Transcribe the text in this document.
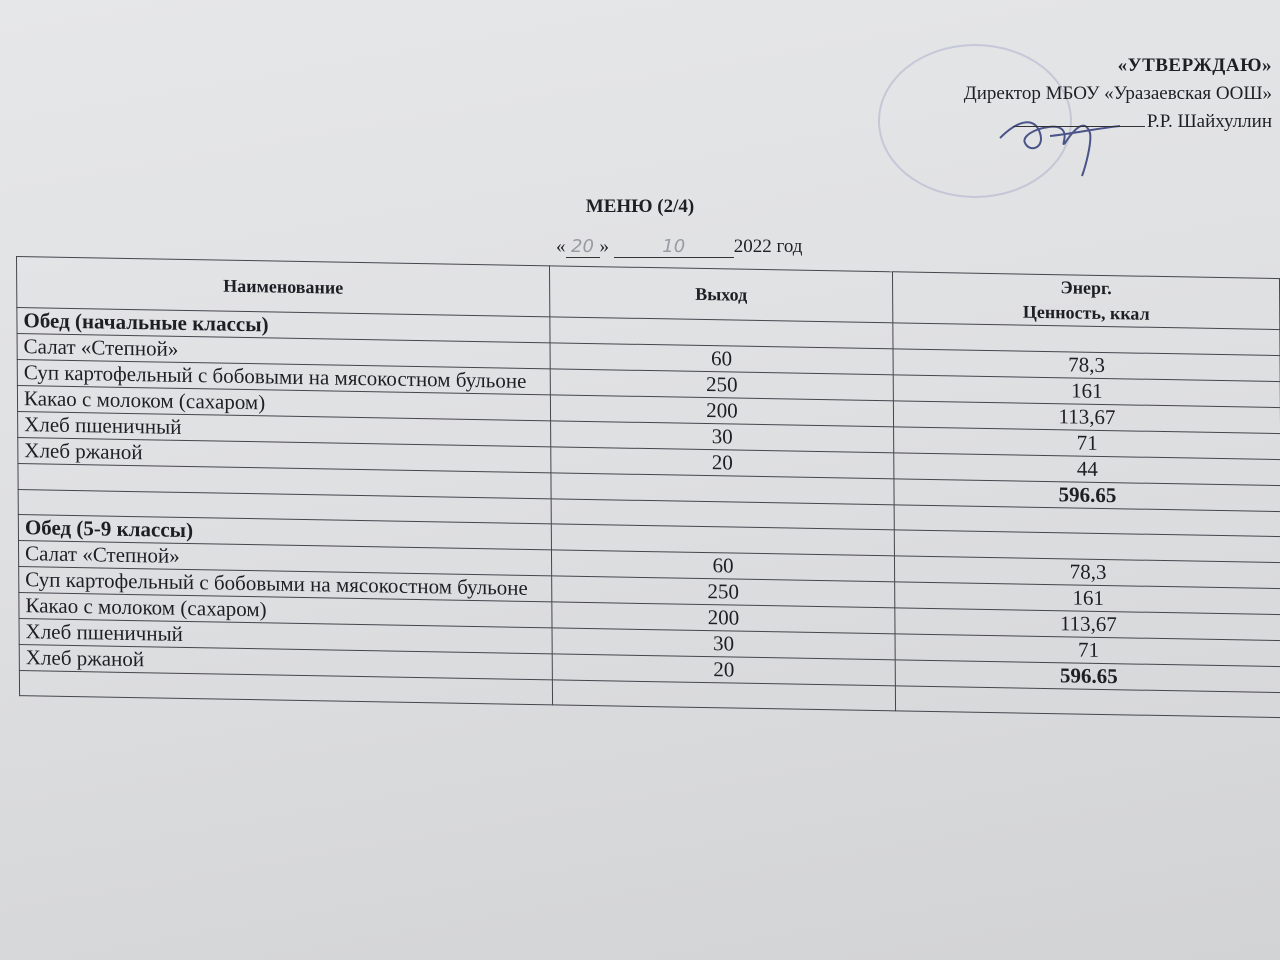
«УТВЕРЖДАЮ»
Директор МБОУ «Уразаевская ООШ»
Р.Р. Шайхуллин
МЕНЮ (2/4)
« 20 »	10	2022 год
Наименование	Выход	Энерг.
Ценность, ккал

Обед (начальные классы)		
Салат «Степной»	60	78,3
Суп картофельный с бобовыми на мясокостном бульоне	250	161
Какао с молоком (сахаром)	200	113,67
Хлеб пшеничный	30	71
Хлеб ржаной	20	44
		596.65

Обед (5-9 классы)		
Салат «Степной»	60	78,3
Суп картофельный с бобовыми на мясокостном бульоне	250	161
Какао с молоком (сахаром)	200	113,67
Хлеб пшеничный	30	71
Хлеб ржаной	20	596.65
